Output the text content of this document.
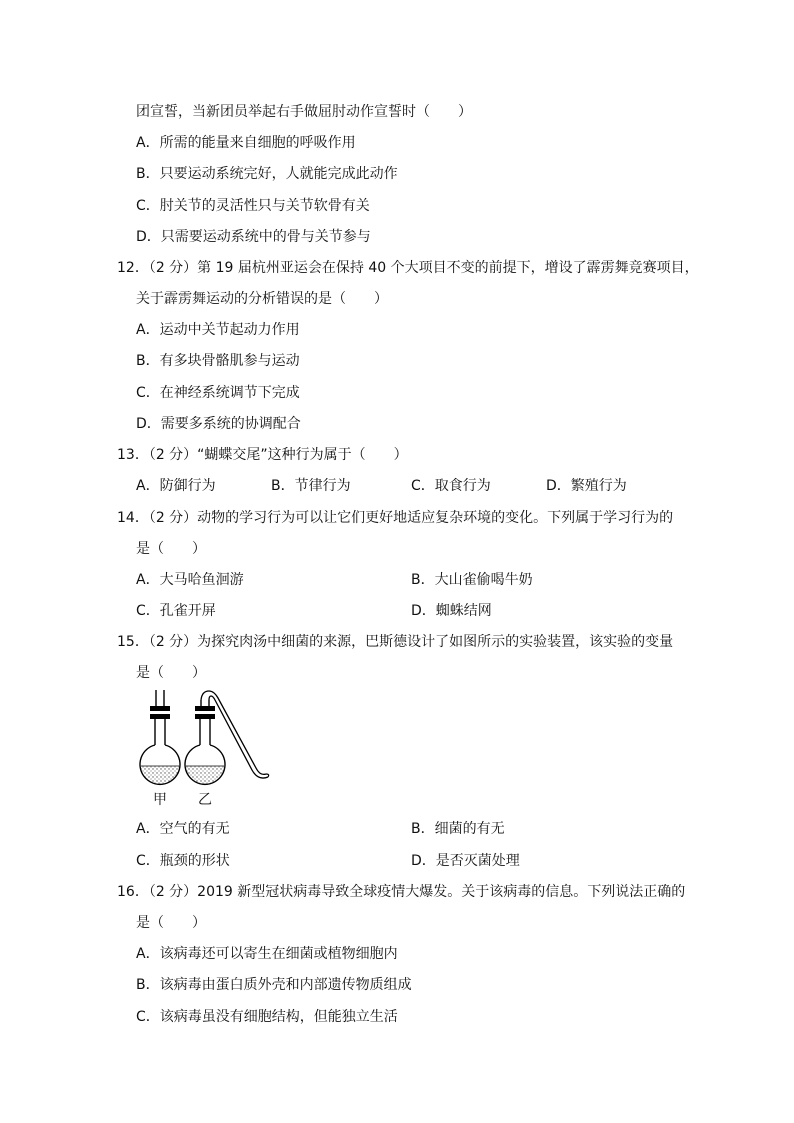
团宣誓，当新团员举起右手做屈肘动作宣誓时（　　）
A．所需的能量来自细胞的呼吸作用
B．只要运动系统完好，人就能完成此动作
C．肘关节的灵活性只与关节软骨有关
D．只需要运动系统中的骨与关节参与
12．（2 分）第 19 届杭州亚运会在保持 40 个大项目不变的前提下，增设了霹雳舞竞赛项目，
关于霹雳舞运动的分析错误的是（　　）
A．运动中关节起动力作用
B．有多块骨骼肌参与运动
C．在神经系统调节下完成
D．需要多系统的协调配合
13．（2 分）“蝴蝶交尾”这种行为属于（　　）
A．防御行为	B．节律行为	C．取食行为	D．繁殖行为
14．（2 分）动物的学习行为可以让它们更好地适应复杂环境的变化。下列属于学习行为的
是（　　）
A．大马哈鱼洄游	B．大山雀偷喝牛奶
C．孔雀开屏	D．蜘蛛结网
15．（2 分）为探究肉汤中细菌的来源，巴斯德设计了如图所示的实验装置，该实验的变量
是（　　）
甲 乙
A．空气的有无	B．细菌的有无
C．瓶颈的形状	D．是否灭菌处理
16．（2 分）2019 新型冠状病毒导致全球疫情大爆发。关于该病毒的信息。下列说法正确的
是（　　）
A．该病毒还可以寄生在细菌或植物细胞内
B．该病毒由蛋白质外壳和内部遗传物质组成
C．该病毒虽没有细胞结构，但能独立生活
